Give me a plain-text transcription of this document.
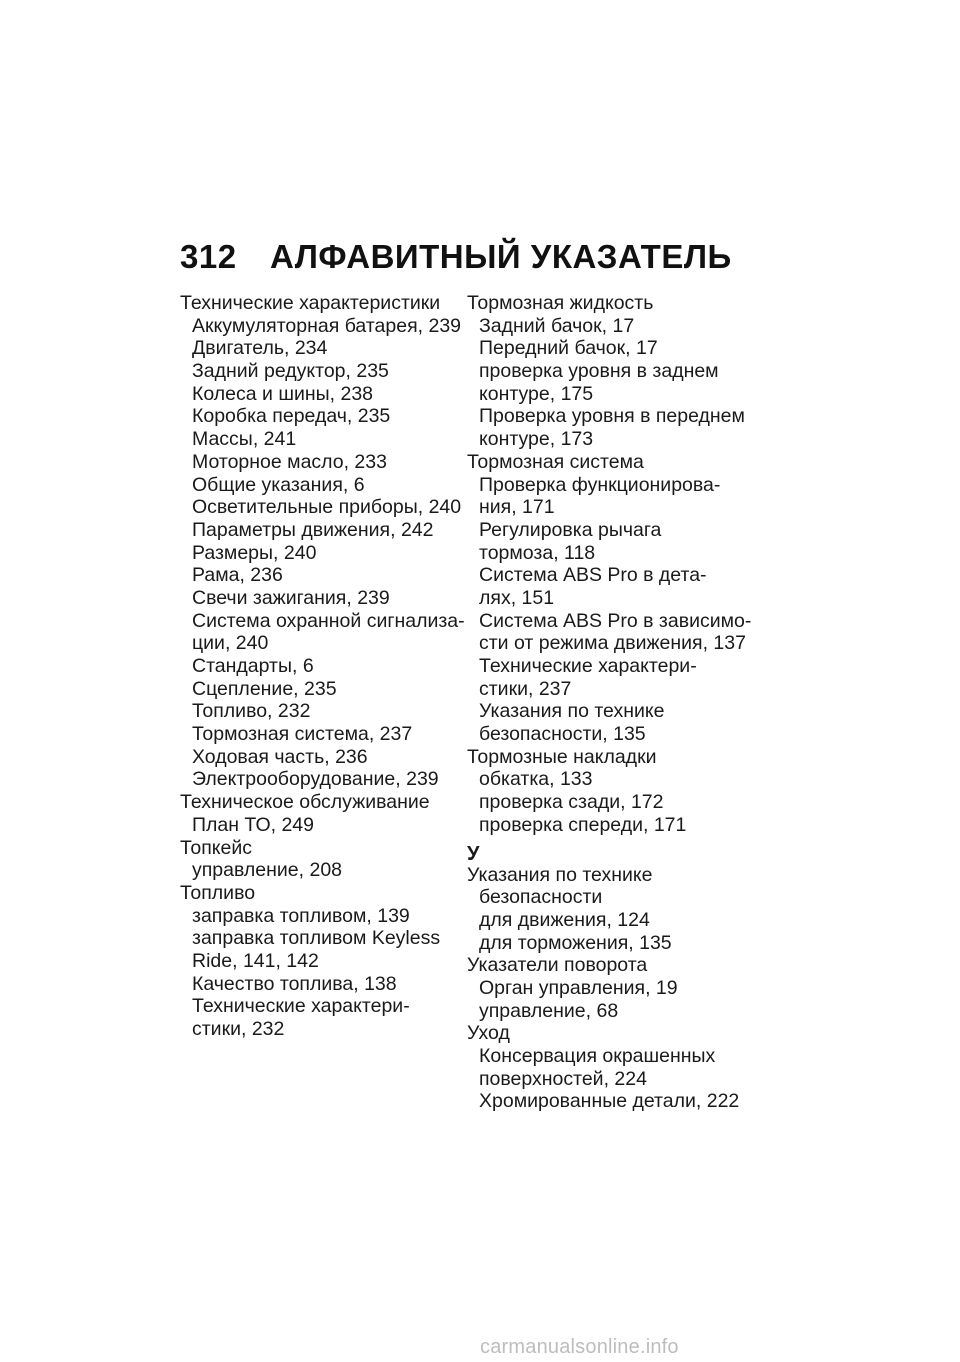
312 АЛФАВИТНЫЙ УКАЗАТЕЛЬ
Технические характеристики
Аккумуляторная батарея, 239
Двигатель, 234
Задний редуктор, 235
Колеса и шины, 238
Коробка передач, 235
Массы, 241
Моторное масло, 233
Общие указания, 6
Осветительные приборы, 240
Параметры движения, 242
Размеры, 240
Рама, 236
Свечи зажигания, 239
Система охранной сигнализа-
ции, 240
Стандарты, 6
Сцепление, 235
Топливо, 232
Тормозная система, 237
Ходовая часть, 236
Электрооборудование, 239
Техническое обслуживание
План ТО, 249
Топкейс
управление, 208
Топливо
заправка топливом, 139
заправка топливом Keyless
Ride, 141, 142
Качество топлива, 138
Технические характери-
стики, 232
Тормозная жидкость
Задний бачок, 17
Передний бачок, 17
проверка уровня в заднем
контуре, 175
Проверка уровня в переднем
контуре, 173
Тормозная система
Проверка функционирова-
ния, 171
Регулировка рычага
тормоза, 118
Система ABS Pro в дета-
лях, 151
Система ABS Pro в зависимо-
сти от режима движения, 137
Технические характери-
стики, 237
Указания по технике
безопасности, 135
Тормозные накладки
обкатка, 133
проверка сзади, 172
проверка спереди, 171
У
Указания по технике
безопасности
для движения, 124
для торможения, 135
Указатели поворота
Орган управления, 19
управление, 68
Уход
Консервация окрашенных
поверхностей, 224
Хромированные детали, 222
carmanualsonline.info
